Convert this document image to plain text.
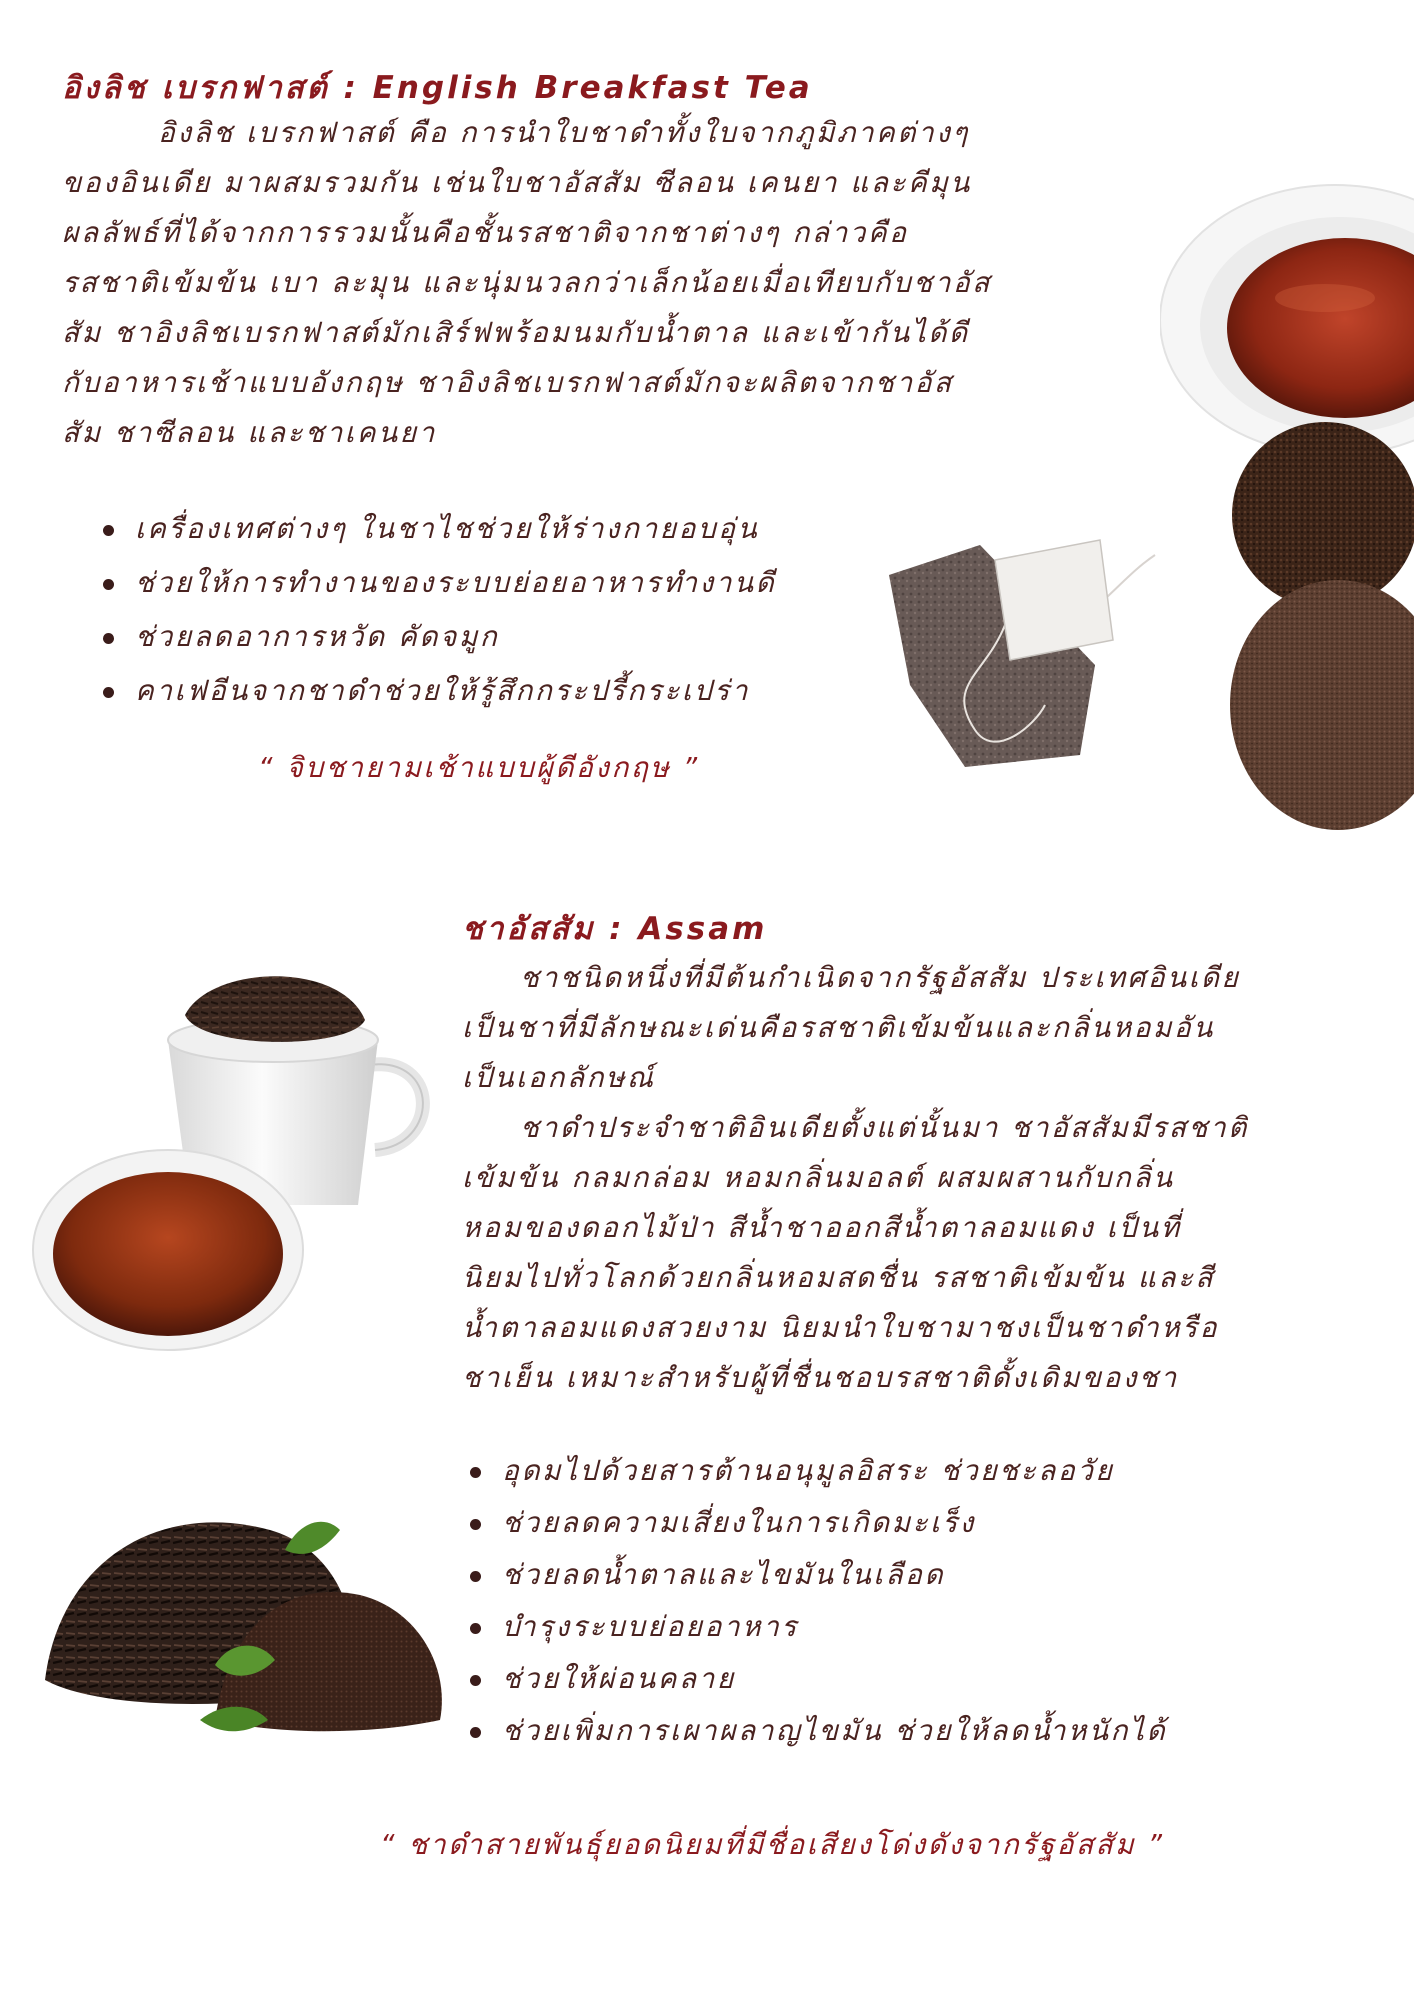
อิงลิช เบรกฟาสต์ : English Breakfast Tea
อิงลิช เบรกฟาสต์ คือ การนำใบชาดำทั้งใบจากภูมิภาคต่างๆ
ของอินเดีย มาผสมรวมกัน เช่นใบชาอัสสัม ซีลอน เคนยา และคีมุน
ผลลัพธ์ที่ได้จากการรวมนั้นคือชั้นรสชาติจากชาต่างๆ กล่าวคือ
รสชาติเข้มข้น เบา ละมุน และนุ่มนวลกว่าเล็กน้อยเมื่อเทียบกับชาอัส
สัม ชาอิงลิชเบรกฟาสต์มักเสิร์ฟพร้อมนมกับน้ำตาล และเข้ากันได้ดี
กับอาหารเช้าแบบอังกฤษ ชาอิงลิชเบรกฟาสต์มักจะผลิตจากชาอัส
สัม ชาซีลอน และชาเคนยา
เครื่องเทศต่างๆ ในชาไชช่วยให้ร่างกายอบอุ่น
ช่วยให้การทำงานของระบบย่อยอาหารทำงานดี
ช่วยลดอาการหวัด คัดจมูก
คาเฟอีนจากชาดำช่วยให้รู้สึกกระปรี้กระเปร่า
“ จิบชายามเช้าแบบผู้ดีอังกฤษ ”
ชาอัสสัม : Assam
ชาชนิดหนึ่งที่มีต้นกำเนิดจากรัฐอัสสัม ประเทศอินเดีย
เป็นชาที่มีลักษณะเด่นคือรสชาติเข้มข้นและกลิ่นหอมอัน
เป็นเอกลักษณ์
ชาดำประจำชาติอินเดียตั้งแต่นั้นมา ชาอัสสัมมีรสชาติ
เข้มข้น กลมกล่อม หอมกลิ่นมอลต์ ผสมผสานกับกลิ่น
หอมของดอกไม้ป่า สีน้ำชาออกสีน้ำตาลอมแดง เป็นที่
นิยมไปทั่วโลกด้วยกลิ่นหอมสดชื่น รสชาติเข้มข้น และสี
น้ำตาลอมแดงสวยงาม นิยมนำใบชามาชงเป็นชาดำหรือ
ชาเย็น เหมาะสำหรับผู้ที่ชื่นชอบรสชาติดั้งเดิมของชา
อุดมไปด้วยสารต้านอนุมูลอิสระ ช่วยชะลอวัย
ช่วยลดความเสี่ยงในการเกิดมะเร็ง
ช่วยลดน้ำตาลและไขมันในเลือด
บำรุงระบบย่อยอาหาร
ช่วยให้ผ่อนคลาย
ช่วยเพิ่มการเผาผลาญไขมัน ช่วยให้ลดน้ำหนักได้
“ ชาดำสายพันธุ์ยอดนิยมที่มีชื่อเสียงโด่งดังจากรัฐอัสสัม ”
